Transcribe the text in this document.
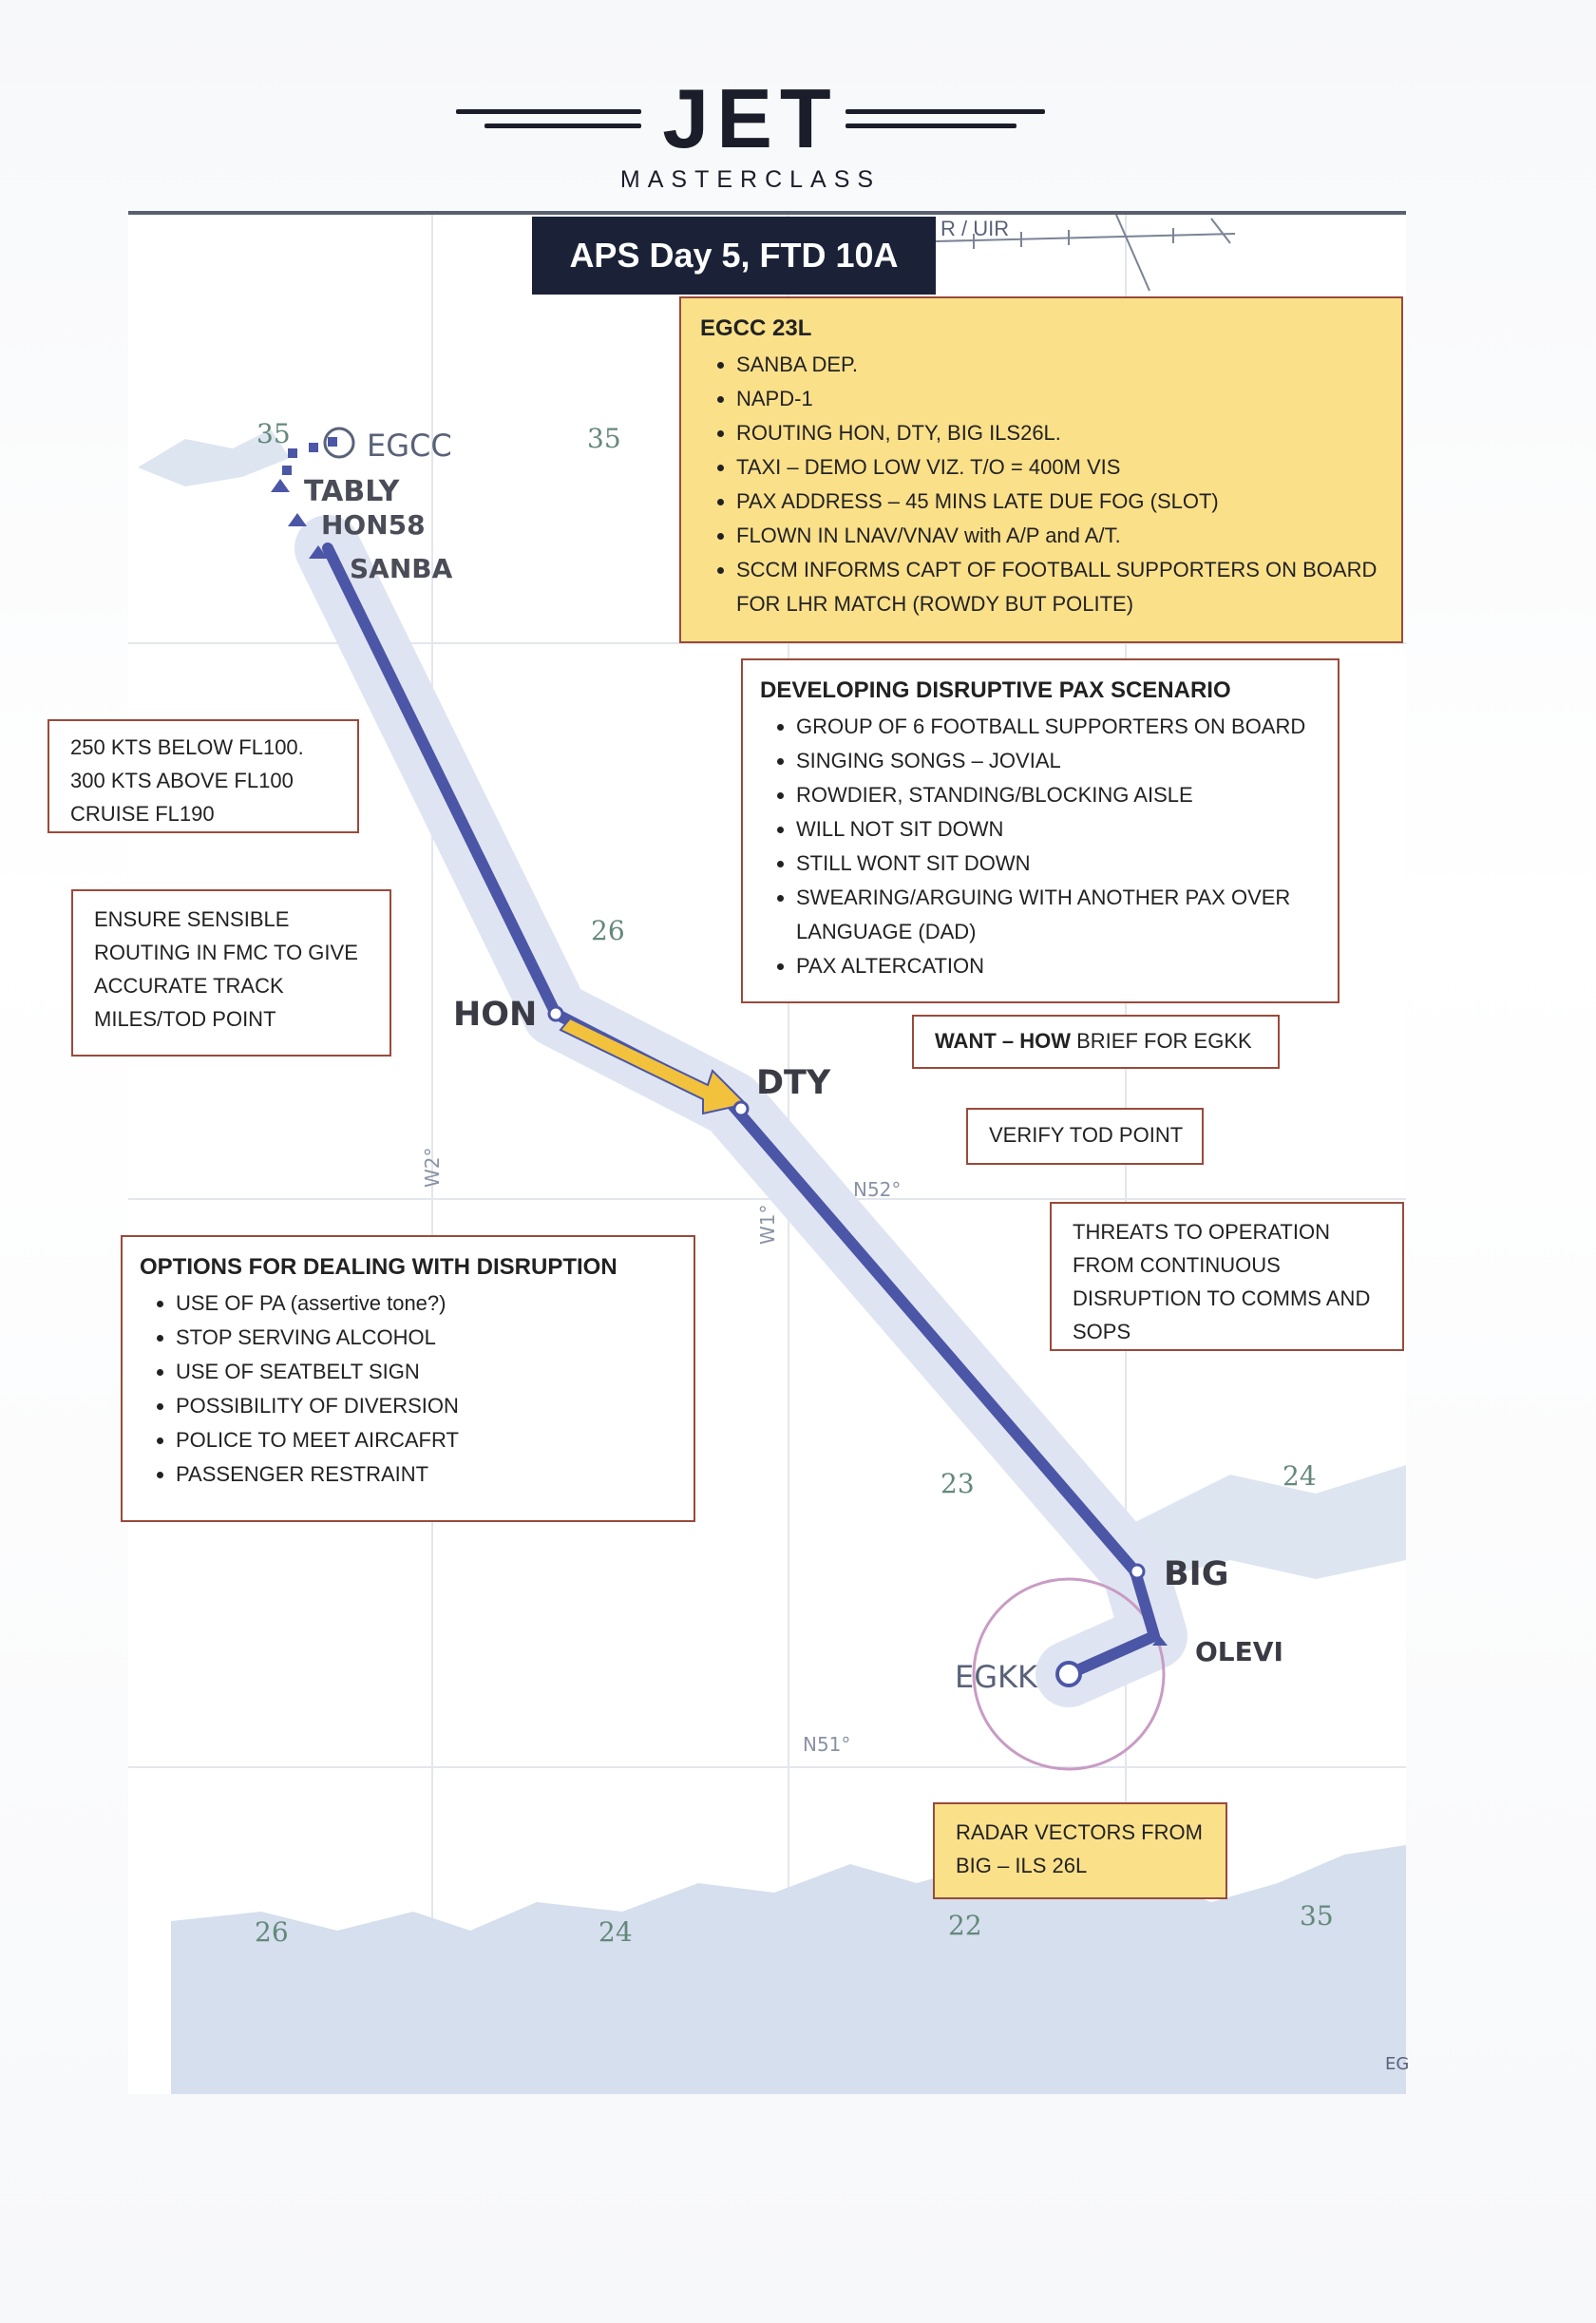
R / UIR
JET
MASTERCLASS
APS Day 5, FTD 10A
EGCC 23L
• SANBA DEP.
• NAPD-1
• ROUTING HON, DTY, BIG ILS26L.
• TAXI – DEMO LOW VIZ. T/O = 400M VIS
• PAX ADDRESS – 45 MINS LATE DUE FOG (SLOT)
• FLOWN IN LNAV/VNAV with A/P and A/T.
• SCCM INFORMS CAPT OF FOOTBALL SUPPORTERS ON BOARD FOR LHR MATCH (ROWDY BUT POLITE)
DEVELOPING DISRUPTIVE PAX SCENARIO
• GROUP OF 6 FOOTBALL SUPPORTERS ON BOARD
• SINGING SONGS – JOVIAL
• ROWDIER, STANDING/BLOCKING AISLE
• WILL NOT SIT DOWN
• STILL WONT SIT DOWN
• SWEARING/ARGUING WITH ANOTHER PAX OVER LANGUAGE (DAD)
• PAX ALTERCATION
250 KTS BELOW FL100.
300 KTS ABOVE FL100
CRUISE FL190
ENSURE SENSIBLE
ROUTING IN FMC TO GIVE
ACCURATE TRACK
MILES/TOD POINT
WANT – HOW BRIEF FOR EGKK
VERIFY TOD POINT
THREATS TO OPERATION
FROM CONTINUOUS
DISRUPTION TO COMMS AND
SOPS
OPTIONS FOR DEALING WITH DISRUPTION
• USE OF PA (assertive tone?)
• STOP SERVING ALCOHOL
• USE OF SEATBELT SIGN
• POSSIBILITY OF DIVERSION
• POLICE TO MEET AIRCAFRT
• PASSENGER RESTRAINT
RADAR VECTORS FROM
BIG – ILS 26L
EGCC
TABLY
HON58
SANBA
HON
DTY
BIG
OLEVI
EGKK
W2°
W1°
N52°
N51°
35	35
26
23	24
26	24	22	35
EG
